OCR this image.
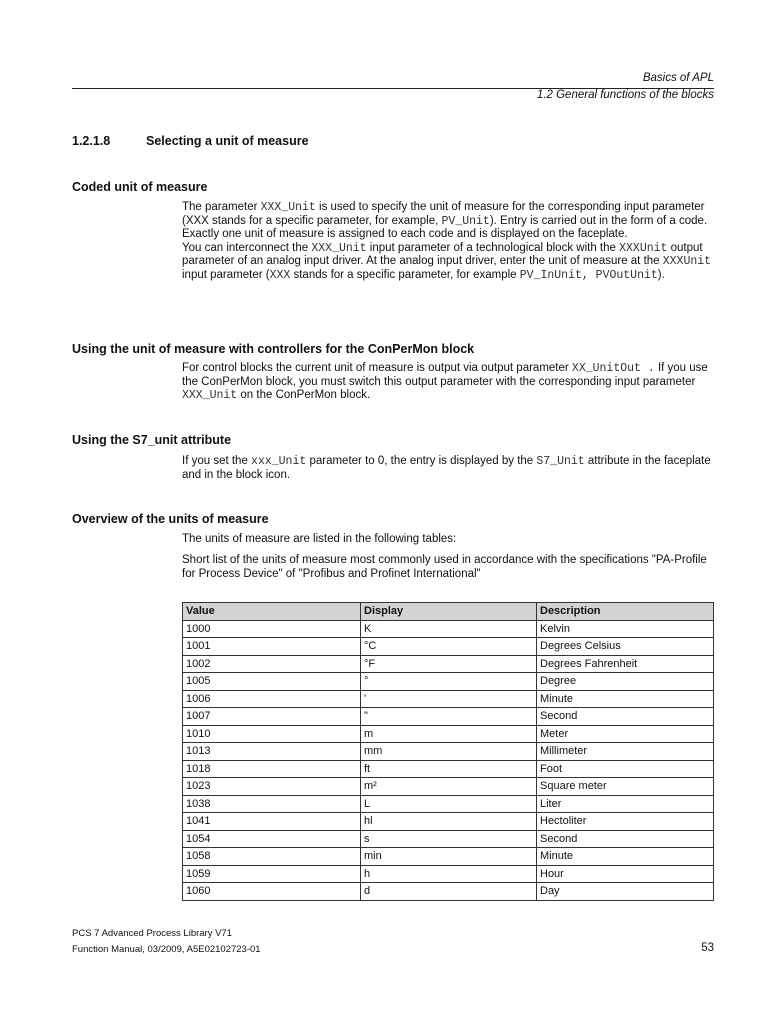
Basics of APL
1.2 General functions of the blocks
1.2.1.8	Selecting a unit of measure
Coded unit of measure

The parameter XXX_Unit is used to specify the unit of measure for the corresponding input parameter (XXX stands for a specific parameter, for example, PV_Unit). Entry is carried out in the form of a code. Exactly one unit of measure is assigned to each code and is displayed on the faceplate.

You can interconnect the XXX_Unit input parameter of a technological block with the XXXUnit output parameter of an analog input driver. At the analog input driver, enter the unit of measure at the XXXUnit input parameter (XXX stands for a specific parameter, for example PV_InUnit, PVOutUnit).

Using the unit of measure with controllers for the ConPerMon block

For control blocks the current unit of measure is output via output parameter XX_UnitOut . If you use the ConPerMon block, you must switch this output parameter with the corresponding input parameter XXX_Unit on the ConPerMon block.

Using the S7_unit attribute

If you set the xxx_Unit parameter to 0, the entry is displayed by the S7_Unit attribute in the faceplate and in the block icon.

Overview of the units of measure
The units of measure are listed in the following tables:
Short list of the units of measure most commonly used in accordance with the specifications "PA-Profile for Process Device" of "Profibus and Profinet International"
Value	Display	Description
1000	K	Kelvin
1001	°C	Degrees Celsius
1002	°F	Degrees Fahrenheit
1005	°	Degree
1006	'	Minute
1007	"	Second
1010	m	Meter
1013	mm	Millimeter
1018	ft	Foot
1023	m²	Square meter
1038	L	Liter
1041	hl	Hectoliter
1054	s	Second
1058	min	Minute
1059	h	Hour
1060	d	Day
PCS 7 Advanced Process Library V71
Function Manual, 03/2009, A5E02102723-01	53
